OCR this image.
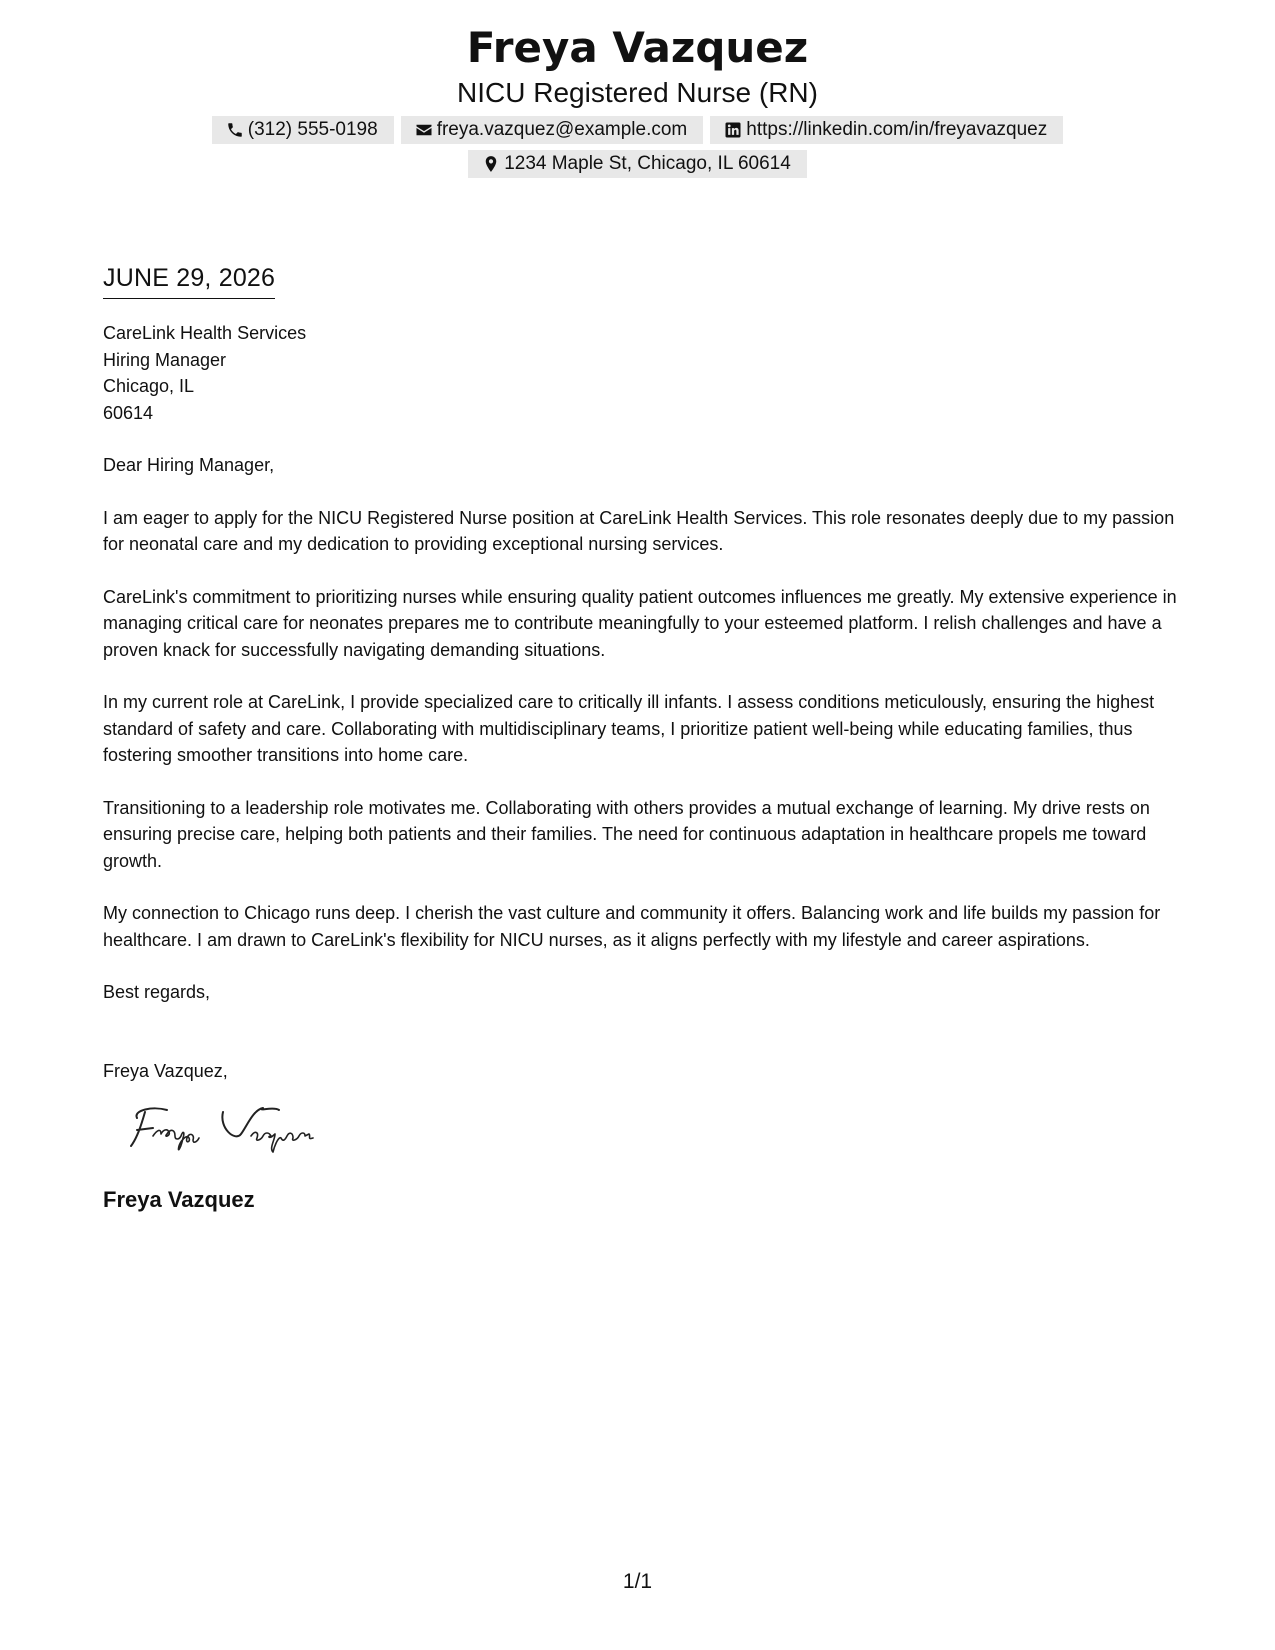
Freya Vazquez

NICU Registered Nurse (RN)

(312) 555-0198	freya.vazquez@example.com	https://linkedin.com/in/freyavazquez
1234 Maple St, Chicago, IL 60614
JUNE 29, 2026
CareLink Health Services
Hiring Manager
Chicago, IL
60614

Dear Hiring Manager,

I am eager to apply for the NICU Registered Nurse position at CareLink Health Services. This role resonates deeply due to my passion for neonatal care and my dedication to providing exceptional nursing services.

CareLink's commitment to prioritizing nurses while ensuring quality patient outcomes influences me greatly. My extensive experience in managing critical care for neonates prepares me to contribute meaningfully to your esteemed platform. I relish challenges and have a proven knack for successfully navigating demanding situations.

In my current role at CareLink, I provide specialized care to critically ill infants. I assess conditions meticulously, ensuring the highest standard of safety and care. Collaborating with multidisciplinary teams, I prioritize patient well-being while educating families, thus fostering smoother transitions into home care.

Transitioning to a leadership role motivates me. Collaborating with others provides a mutual exchange of learning. My drive rests on ensuring precise care, helping both patients and their families. The need for continuous adaptation in healthcare propels me toward growth.

My connection to Chicago runs deep. I cherish the vast culture and community it offers. Balancing work and life builds my passion for healthcare. I am drawn to CareLink's flexibility for NICU nurses, as it aligns perfectly with my lifestyle and career aspirations.

Best regards,

Freya Vazquez,

Freya Vazquez
1/1
